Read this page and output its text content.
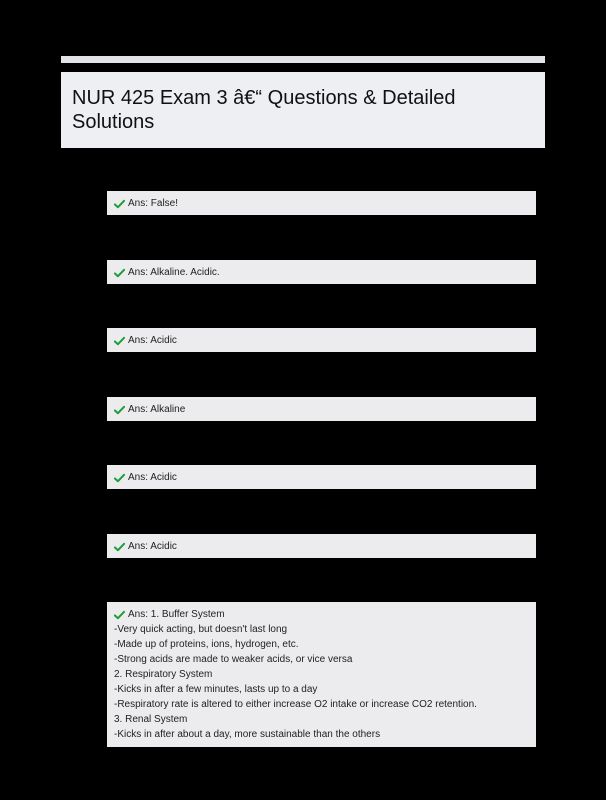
NUR 425 Exam 3 â€“ Questions & Detailed Solutions
Ans: False!
Ans: Alkaline. Acidic.
Ans: Acidic
Ans: Alkaline
Ans: Acidic
Ans: Acidic
Ans: 1. Buffer System
-Very quick acting, but doesn't last long
-Made up of proteins, ions, hydrogen, etc.
-Strong acids are made to weaker acids, or vice versa
2. Respiratory System
-Kicks in after a few minutes, lasts up to a day
-Respiratory rate is altered to either increase O2 intake or increase CO2 retention.
3. Renal System
-Kicks in after about a day, more sustainable than the others
